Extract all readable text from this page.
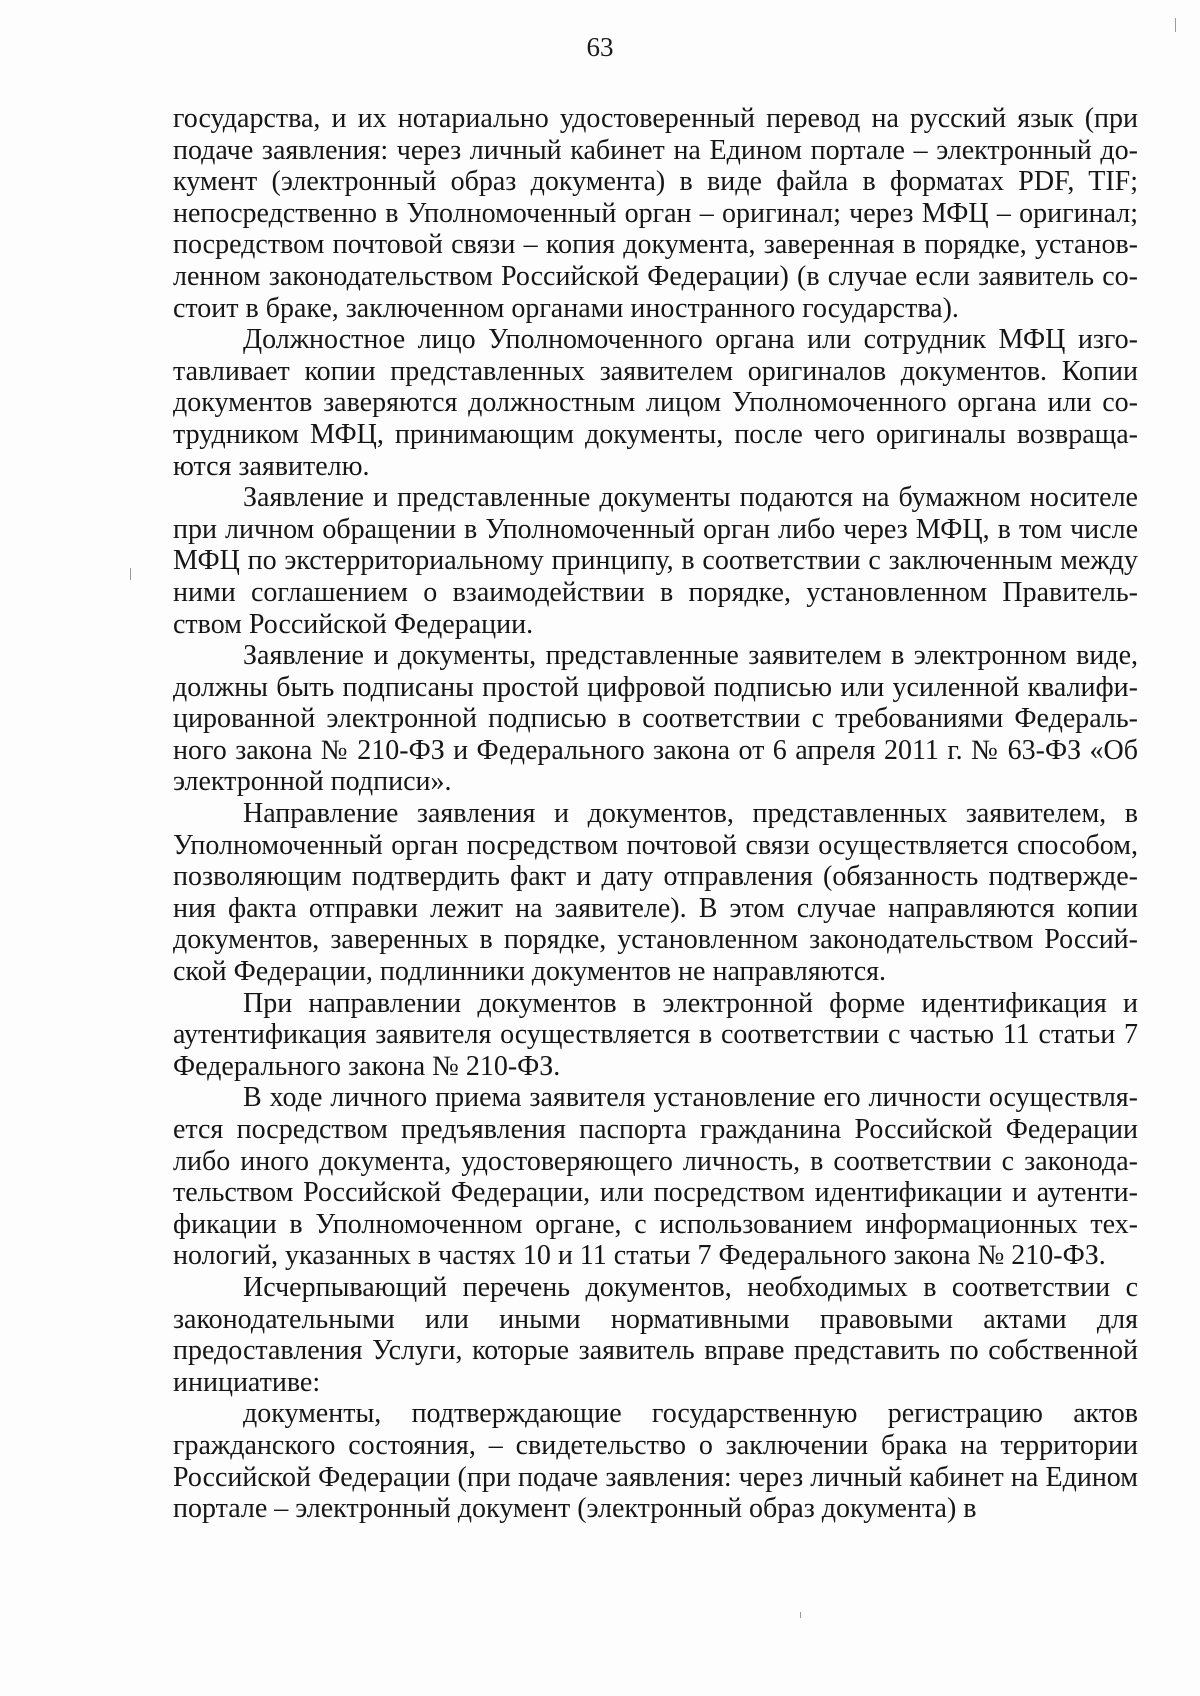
63

государства, и их нотариально удостоверенный перевод на русский язык (при подаче заявления: через личный кабинет на Едином портале – электронный документ (электронный образ документа) в виде файла в форматах PDF, TIF; непосредственно в Уполномоченный орган – оригинал; через МФЦ – оригинал; посредством почтовой связи – копия документа, заверенная в порядке, установленном законодательством Российской Федерации) (в случае если заявитель состоит в браке, заключенном органами иностранного государства).

Должностное лицо Уполномоченного органа или сотрудник МФЦ изготавливает копии представленных заявителем оригиналов документов. Копии документов заверяются должностным лицом Уполномоченного органа или сотрудником МФЦ, принимающим документы, после чего оригиналы возвращаются заявителю.

Заявление и представленные документы подаются на бумажном носителе при личном обращении в Уполномоченный орган либо через МФЦ, в том числе МФЦ по экстерриториальному принципу, в соответствии с заключенным между ними соглашением о взаимодействии в порядке, установленном Правительством Российской Федерации.

Заявление и документы, представленные заявителем в электронном виде, должны быть подписаны простой цифровой подписью или усиленной квалифицированной электронной подписью в соответствии с требованиями Федерального закона № 210-ФЗ и Федерального закона от 6 апреля 2011 г. № 63-ФЗ «Об электронной подписи».

Направление заявления и документов, представленных заявителем, в Уполномоченный орган посредством почтовой связи осуществляется способом, позволяющим подтвердить факт и дату отправления (обязанность подтверждения факта отправки лежит на заявителе). В этом случае направляются копии документов, заверенных в порядке, установленном законодательством Российской Федерации, подлинники документов не направляются.

При направлении документов в электронной форме идентификация и аутентификация заявителя осуществляется в соответствии с частью 11 статьи 7 Федерального закона № 210-ФЗ.

В ходе личного приема заявителя установление его личности осуществляется посредством предъявления паспорта гражданина Российской Федерации либо иного документа, удостоверяющего личность, в соответствии с законодательством Российской Федерации, или посредством идентификации и аутентификации в Уполномоченном органе, с использованием информационных технологий, указанных в частях 10 и 11 статьи 7 Федерального закона № 210-ФЗ.

Исчерпывающий перечень документов, необходимых в соответствии с законодательными или иными нормативными правовыми актами для предоставления Услуги, которые заявитель вправе представить по собственной инициативе:

документы, подтверждающие государственную регистрацию актов гражданского состояния, – свидетельство о заключении брака на территории Российской Федерации (при подаче заявления: через личный кабинет на Едином портале – электронный документ (электронный образ документа) в
